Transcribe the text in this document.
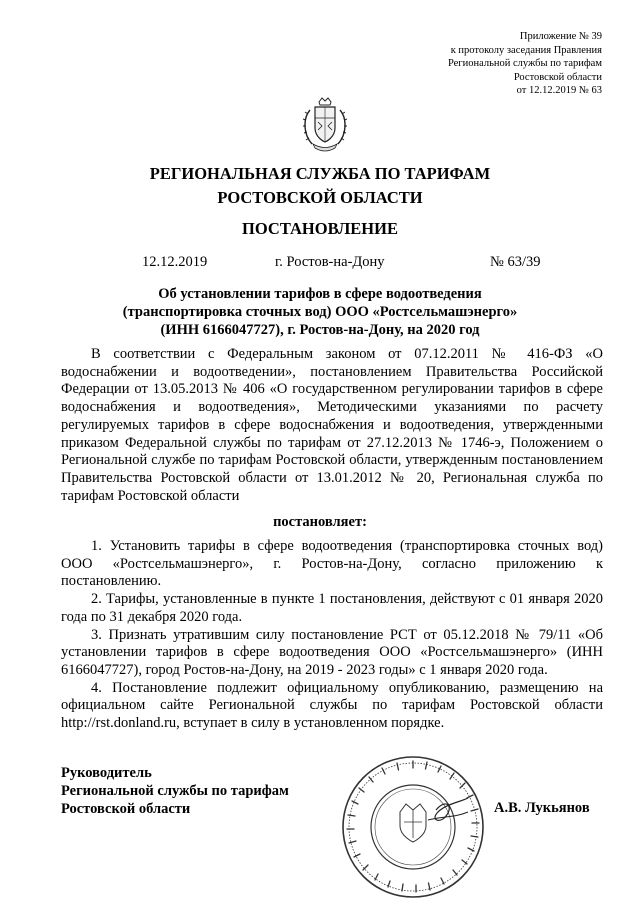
Приложение № 39
к протоколу заседания Правления
Региональной службы по тарифам
Ростовской области
от 12.12.2019 № 63
РЕГИОНАЛЬНАЯ СЛУЖБА ПО ТАРИФАМ
РОСТОВСКОЙ ОБЛАСТИ
ПОСТАНОВЛЕНИЕ
12.12.2019	г. Ростов-на-Дону	№ 63/39
Об установлении тарифов в сфере водоотведения
(транспортировка сточных вод) ООО «Ростсельмашэнерго»
(ИНН 6166047727), г. Ростов-на-Дону, на 2020 год

В соответствии с Федеральным законом от 07.12.2011 № 416-ФЗ «О водоснабжении и водоотведении», постановлением Правительства Российской Федерации от 13.05.2013 № 406 «О государственном регулировании тарифов в сфере водоснабжения и водоотведения», Методическими указаниями по расчету регулируемых тарифов в сфере водоснабжения и водоотведения, утвержденными приказом Федеральной службы по тарифам от 27.12.2013 № 1746-э, Положением о Региональной службе по тарифам Ростовской области, утвержденным постановлением Правительства Ростовской области от 13.01.2012 № 20, Региональная служба по тарифам Ростовской области

постановляет:

1. Установить тарифы в сфере водоотведения (транспортировка сточных вод) ООО «Ростсельмашэнерго», г. Ростов-на-Дону, согласно приложению к постановлению.

2. Тарифы, установленные в пункте 1 постановления, действуют с 01 января 2020 года по 31 декабря 2020 года.

3. Признать утратившим силу постановление РСТ от 05.12.2018 № 79/11 «Об установлении тарифов в сфере водоотведения ООО «Ростсельмашэнерго» (ИНН 6166047727), город Ростов-на-Дону, на 2019 - 2023 годы» с 1 января 2020 года.

4. Постановление подлежит официальному опубликованию, размещению на официальном сайте Региональной службы по тарифам Ростовской области http://rst.donland.ru, вступает в силу в установленном порядке.

Руководитель
Региональной службы по тарифам
Ростовской области	А.В. Лукьянов
